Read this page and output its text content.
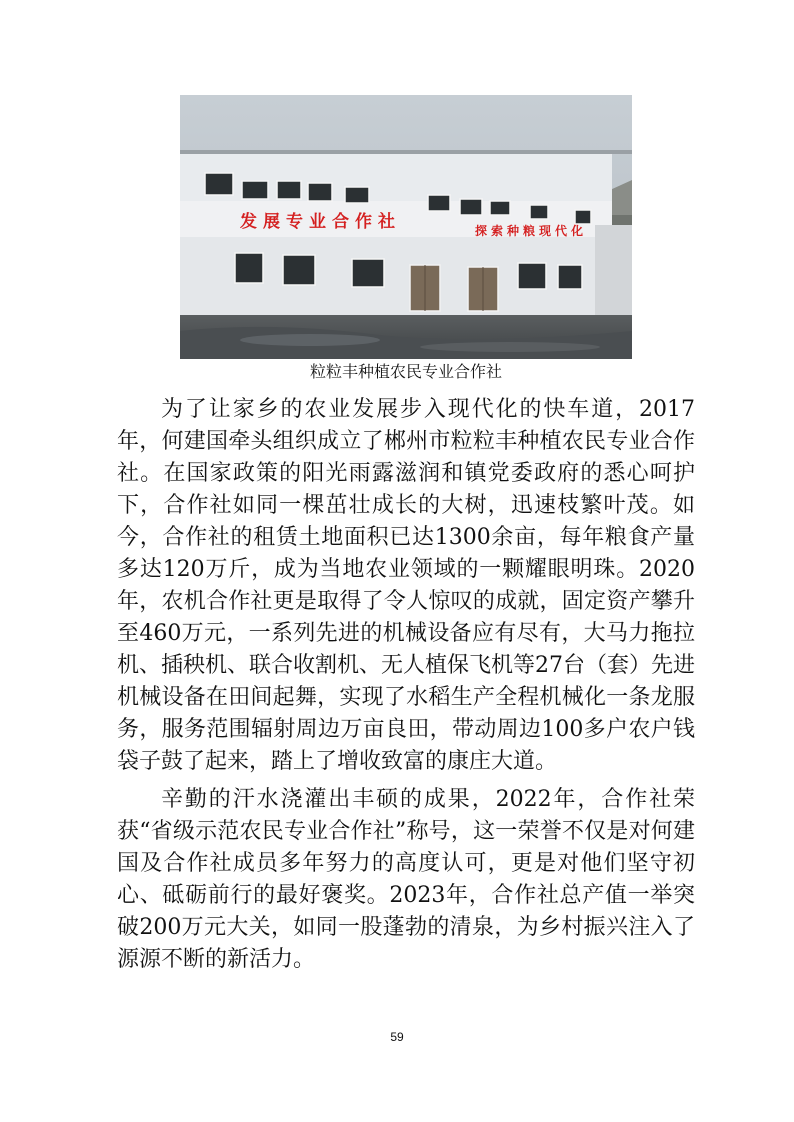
发展专业合作社	探索种粮现代化
粒粒丰种植农民专业合作社

为了让家乡的农业发展步入现代化的快车道，2017年，何建国牵头组织成立了郴州市粒粒丰种植农民专业合作社。在国家政策的阳光雨露滋润和镇党委政府的悉心呵护下，合作社如同一棵茁壮成长的大树，迅速枝繁叶茂。如今，合作社的租赁土地面积已达1300余亩，每年粮食产量多达120万斤，成为当地农业领域的一颗耀眼明珠。2020年，农机合作社更是取得了令人惊叹的成就，固定资产攀升至460万元，一系列先进的机械设备应有尽有，大马力拖拉机、插秧机、联合收割机、无人植保飞机等27台（套）先进机械设备在田间起舞，实现了水稻生产全程机械化一条龙服务，服务范围辐射周边万亩良田，带动周边100多户农户钱袋子鼓了起来，踏上了增收致富的康庄大道。

辛勤的汗水浇灌出丰硕的成果，2022年，合作社荣获“省级示范农民专业合作社”称号，这一荣誉不仅是对何建国及合作社成员多年努力的高度认可，更是对他们坚守初心、砥砺前行的最好褒奖。2023年，合作社总产值一举突破200万元大关，如同一股蓬勃的清泉，为乡村振兴注入了源源不断的新活力。

59
